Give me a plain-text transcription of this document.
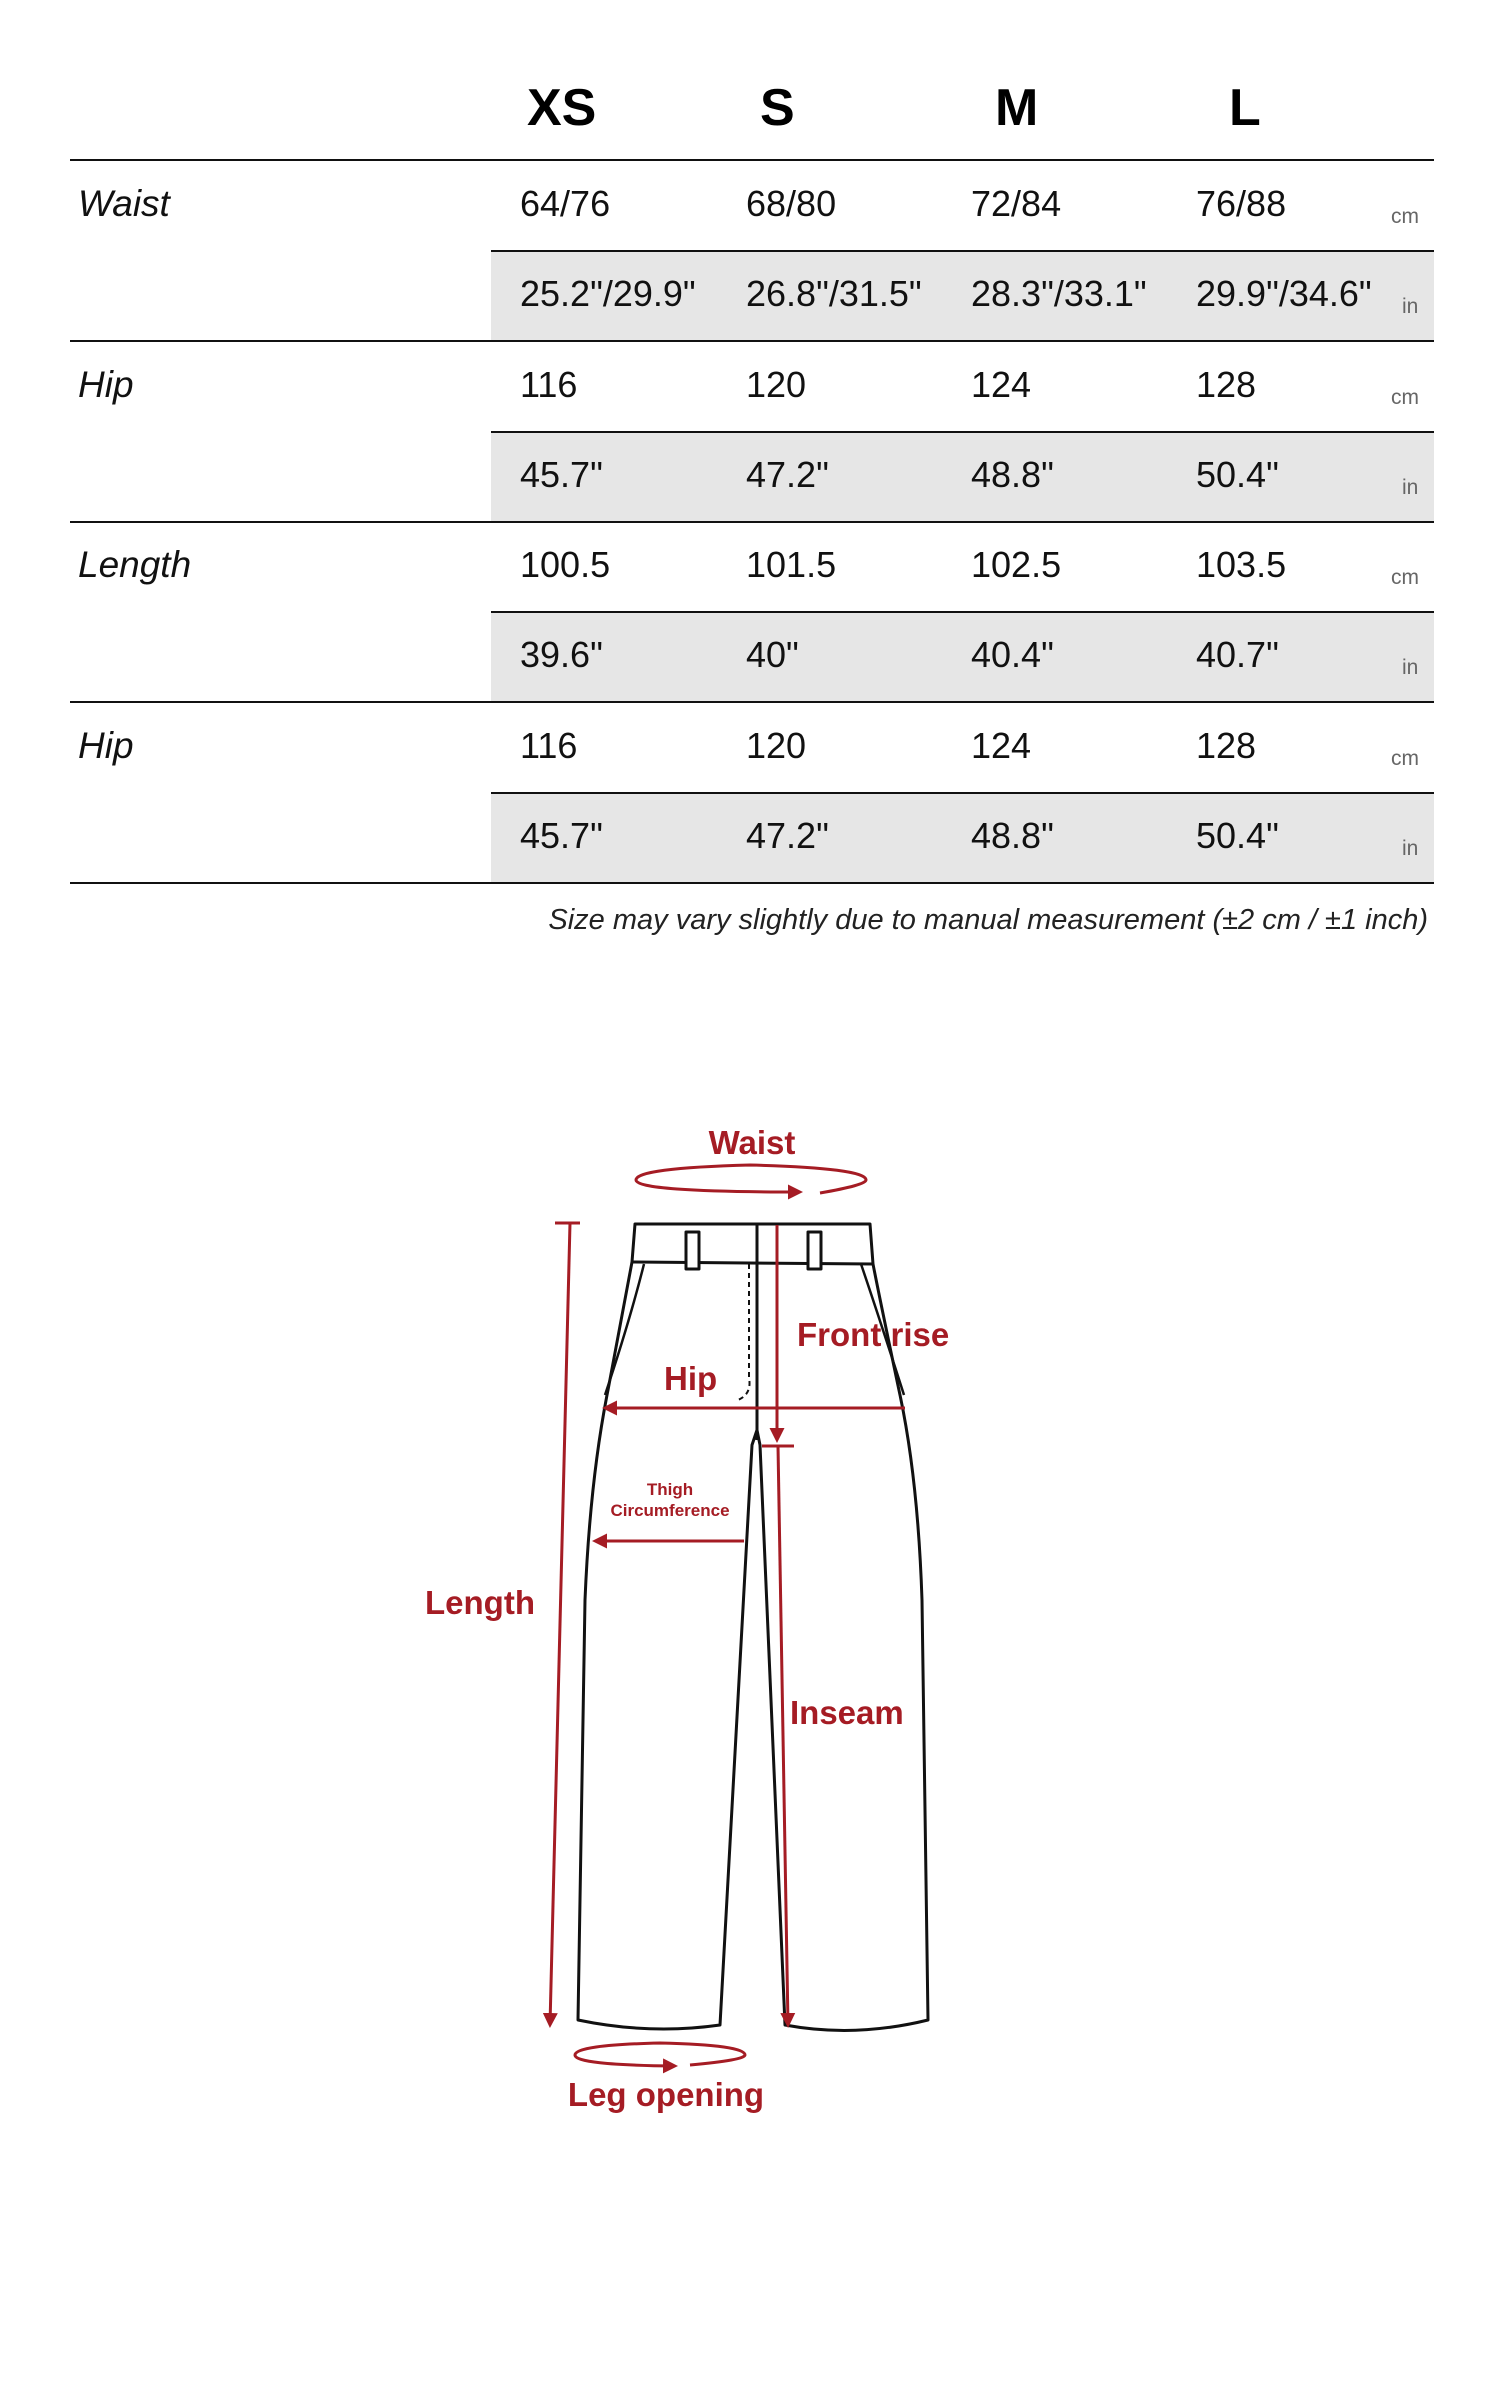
XS	S	M	L
Waist	64/76	68/80	72/84	76/88	cm
25.2"/29.9" 26.8"/31.5" 28.3"/33.1" 29.9"/34.6" in
Hip	116	120	124	128	cm
45.7"	47.2"	48.8"	50.4"	in
Length	100.5	101.5	102.5	103.5	cm
39.6"	40"	40.4"	40.7"	in
Hip	116	120	124	128	cm
45.7"	47.2"	48.8"	50.4"	in
Size may vary slightly due to manual measurement (±2 cm / ±1 inch)
Waist
Front rise
Hip
Thigh
Circumference
Length
Inseam
Leg opening
